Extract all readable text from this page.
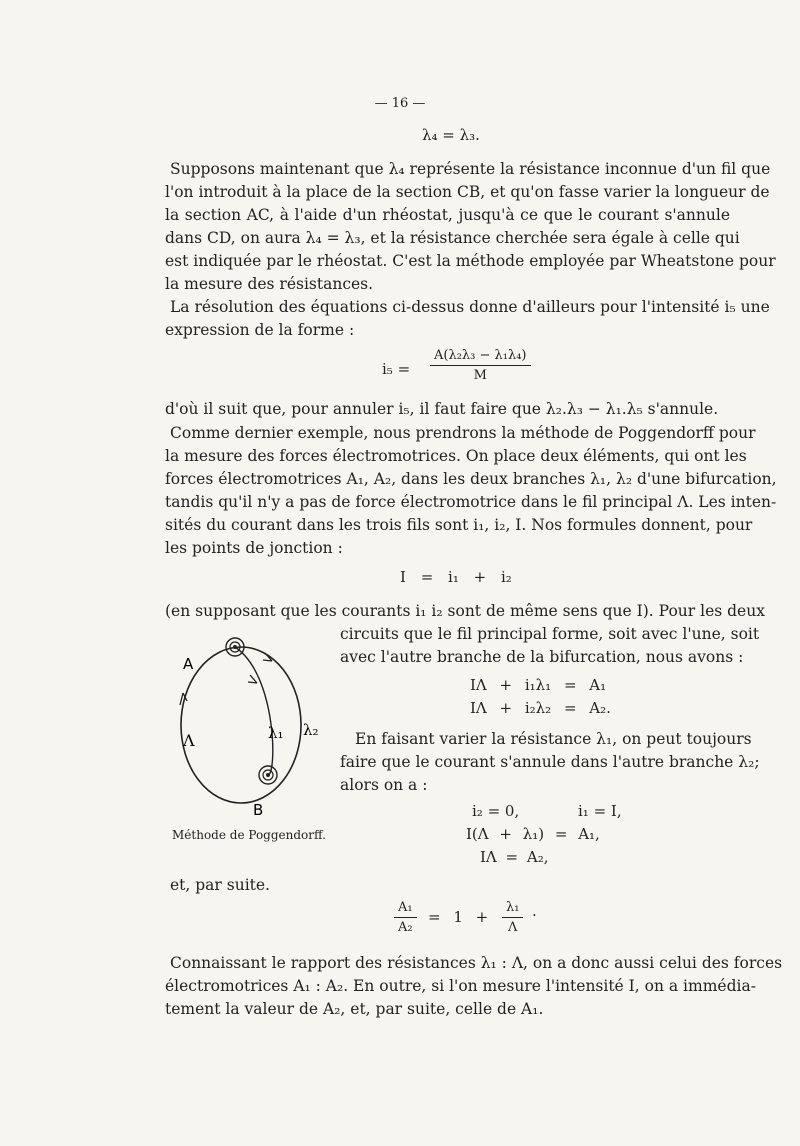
— 16 —
λ₄ = λ₃.
Supposons maintenant que λ₄ représente la résistance inconnue d'un fil que
l'on introduit à la place de la section CB, et qu'on fasse varier la longueur de
la section AC, à l'aide d'un rhéostat, jusqu'à ce que le courant s'annule
dans CD, on aura λ₄ = λ₃, et la résistance cherchée sera égale à celle qui
est indiquée par le rhéostat. C'est la méthode employée par Wheatstone pour
la mesure des résistances.
La résolution des équations ci-dessus donne d'ailleurs pour l'intensité i₅ une
expression de la forme :
$i_5 = \frac{\text{A(λ₂λ₃ − λ₁λ₄)}}{M}$
d'où il suit que, pour annuler i₅, il faut faire que λ₂.λ₃ − λ₁.λ₅ s'annule.
Comme dernier exemple, nous prendrons la méthode de Poggendorff pour
la mesure des forces électromotrices. On place deux éléments, qui ont les
forces électromotrices A₁, A₂, dans les deux branches λ₁, λ₂ d'une bifurcation,
tandis qu'il n'y a pas de force électromotrice dans le fil principal Λ. Les inten-
sités du courant dans les trois fils sont i₁, i₂, I. Nos formules donnent, pour
les points de jonction :
I = i₁ + i₂
(en supposant que les courants i₁ i₂ sont de même sens que I). Pour les deux
circuits que le fil principal forme, soit avec l'une, soit
avec l'autre branche de la bifurcation, nous avons :
IΛ + i₁λ₁ = A₁
IΛ + i₂λ₂ = A₂.
En faisant varier la résistance λ₁, on peut toujours
faire que le courant s'annule dans l'autre branche λ₂;
alors on a :
i₂ = 0,	i₁ = I,
I(Λ + λ₁) = A₁,
IΛ = A₂,
A
B
Λ	λ₁ λ₂
Méthode de Poggendorff.
et, par suite.
$\frac{\text{A₁}}{\text{A₂}} = 1 + \frac{\text{λ₁}}{\Lambda}$ ·
Connaissant le rapport des résistances λ₁ : Λ, on a donc aussi celui des forces
électromotrices A₁ : A₂. En outre, si l'on mesure l'intensité I, on a immédia-
tement la valeur de A₂, et, par suite, celle de A₁.
